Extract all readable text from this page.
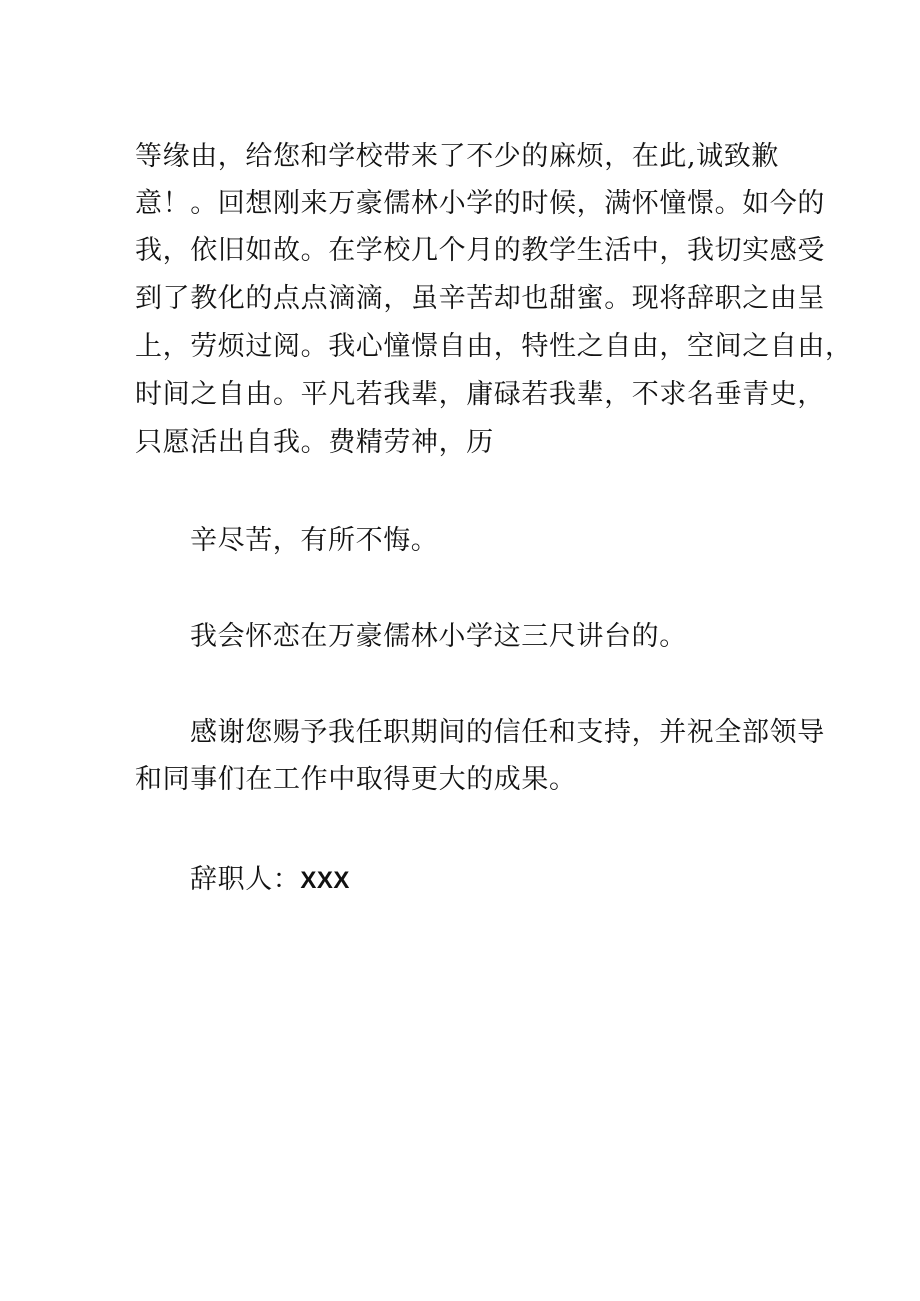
等缘由，给您和学校带来了不少的麻烦，在此,诚致歉
意！。回想刚来万豪儒林小学的时候，满怀憧憬。如今的
我，依旧如故。在学校几个月的教学生活中，我切实感受
到了教化的点点滴滴，虽辛苦却也甜蜜。现将辞职之由呈
上，劳烦过阅。我心憧憬自由，特性之自由，空间之自由，
时间之自由。平凡若我辈，庸碌若我辈，不求名垂青史，
只愿活出自我。费精劳神，历
辛尽苦，有所不悔。
我会怀恋在万豪儒林小学这三尺讲台的。
感谢您赐予我任职期间的信任和支持，并祝全部领导
和同事们在工作中取得更大的成果。
辞职人：XXX
